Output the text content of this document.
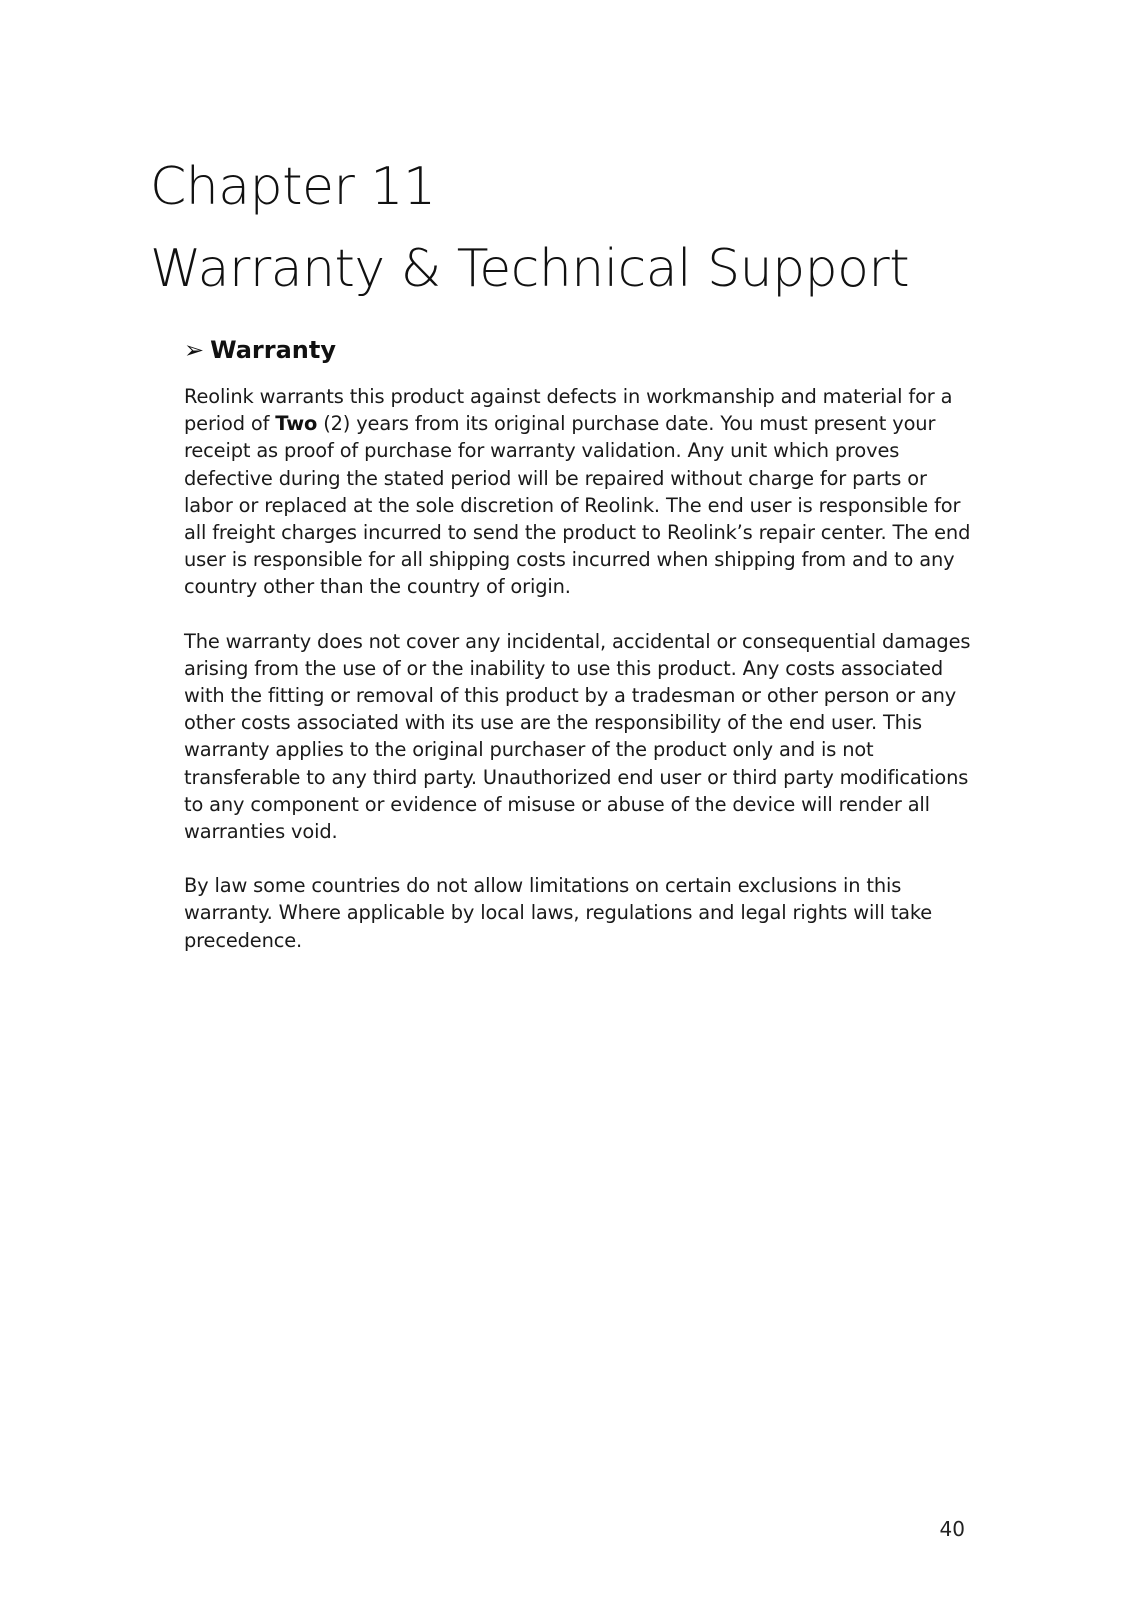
Chapter 11
Warranty & Technical Support
➢ Warranty

Reolink warrants this product against defects in workmanship and material for a period of Two (2) years from its original purchase date. You must present your receipt as proof of purchase for warranty validation. Any unit which proves defective during the stated period will be repaired without charge for parts or labor or replaced at the sole discretion of Reolink. The end user is responsible for all freight charges incurred to send the product to Reolink’s repair center. The end user is responsible for all shipping costs incurred when shipping from and to any country other than the country of origin.

The warranty does not cover any incidental, accidental or consequential damages arising from the use of or the inability to use this product. Any costs associated with the fitting or removal of this product by a tradesman or other person or any other costs associated with its use are the responsibility of the end user. This warranty applies to the original purchaser of the product only and is not transferable to any third party. Unauthorized end user or third party modifications to any component or evidence of misuse or abuse of the device will render all warranties void.

By law some countries do not allow limitations on certain exclusions in this warranty. Where applicable by local laws, regulations and legal rights will take precedence.

40
